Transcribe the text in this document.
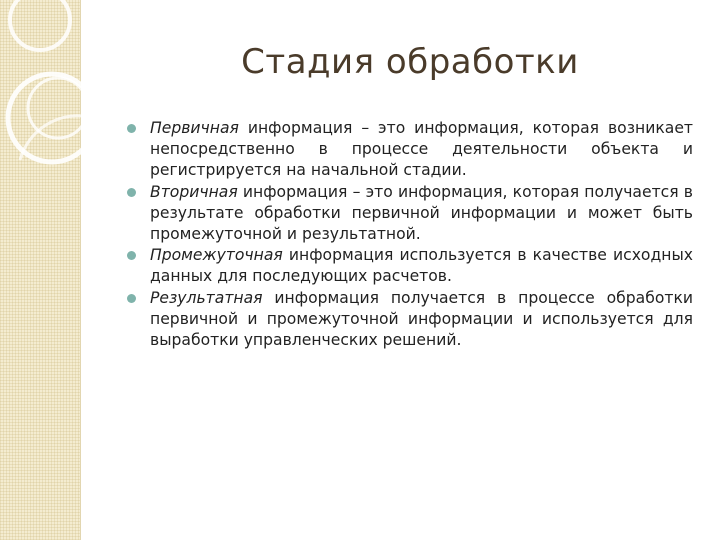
Стадия обработки
Первичная информация – это информация, которая возникает непосредственно в процессе деятельности объекта и регистрируется на начальной стадии.
Вторичная информация – это информация, которая получается в результате обработки первичной информации и может быть промежуточной и результатной.
Промежуточная информация используется в качестве исходных данных для последующих расчетов.
Результатная информация получается в процессе обработки первичной и промежуточной информации и используется для выработки управленческих решений.
